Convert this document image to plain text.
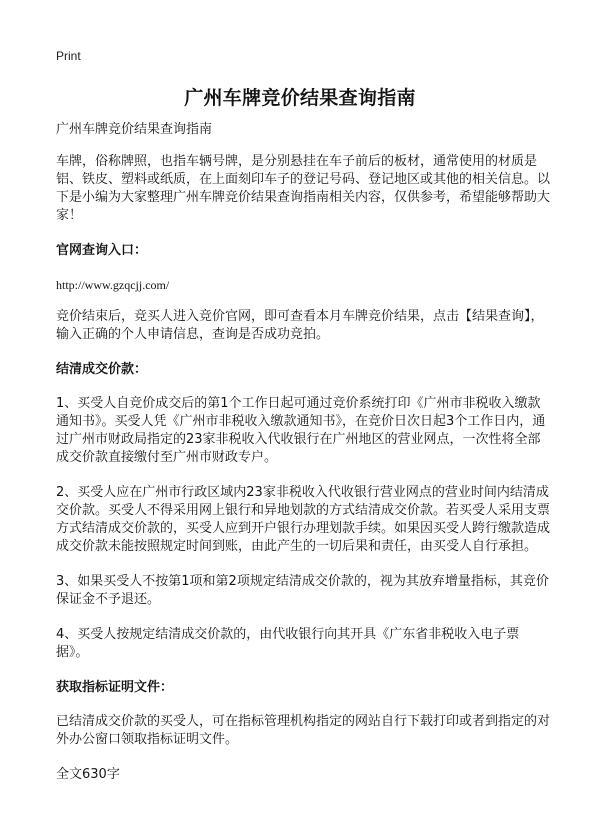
Print
广州车牌竞价结果查询指南

广州车牌竞价结果查询指南

车牌，俗称牌照，也指车辆号牌，是分别悬挂在车子前后的板材，通常使用的材质是铝、铁皮、塑料或纸质，在上面刻印车子的登记号码、登记地区或其他的相关信息。以下是小编为大家整理广州车牌竞价结果查询指南相关内容，仅供参考，希望能够帮助大家！

官网查询入口：

http://www.gzqcjj.com/

竞价结束后，竞买人进入竞价官网，即可查看本月车牌竞价结果，点击【结果查询】，输入正确的个人申请信息，查询是否成功竞拍。

结清成交价款：

1、买受人自竞价成交后的第1个工作日起可通过竞价系统打印《广州市非税收入缴款通知书》。买受人凭《广州市非税收入缴款通知书》，在竞价日次日起3个工作日内，通过广州市财政局指定的23家非税收入代收银行在广州地区的营业网点，一次性将全部成交价款直接缴付至广州市财政专户。

2、买受人应在广州市行政区域内23家非税收入代收银行营业网点的营业时间内结清成交价款。买受人不得采用网上银行和异地划款的方式结清成交价款。若买受人采用支票方式结清成交价款的，买受人应到开户银行办理划款手续。如果因买受人跨行缴款造成成交价款未能按照规定时间到账，由此产生的一切后果和责任，由买受人自行承担。

3、如果买受人不按第1项和第2项规定结清成交价款的，视为其放弃增量指标，其竞价保证金不予退还。

4、买受人按规定结清成交价款的，由代收银行向其开具《广东省非税收入电子票据》。

获取指标证明文件：

已结清成交价款的买受人，可在指标管理机构指定的网站自行下载打印或者到指定的对外办公窗口领取指标证明文件。

全文630字
